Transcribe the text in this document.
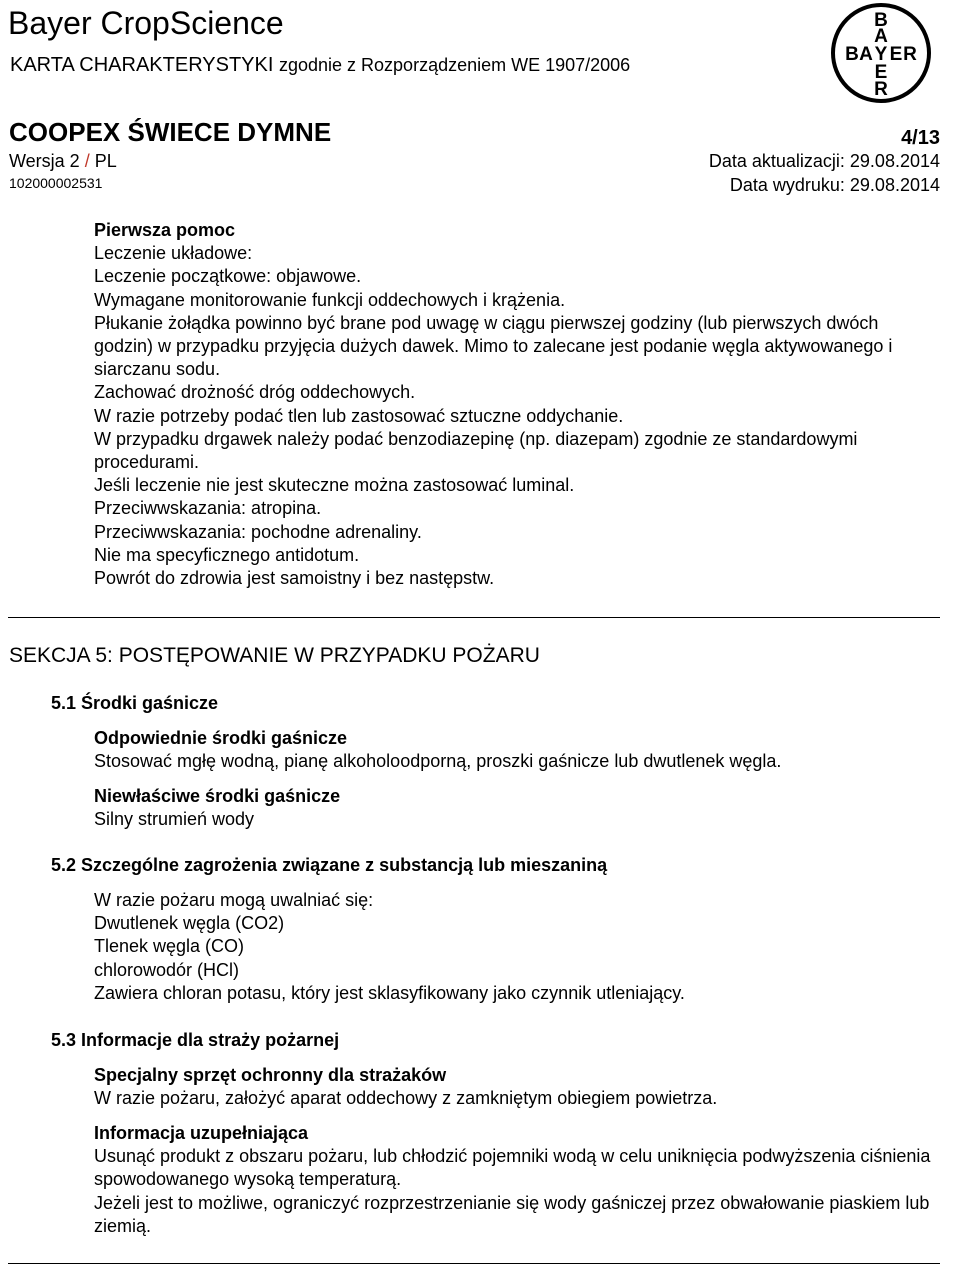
Bayer CropScience
KARTA CHARAKTERYSTYKI zgodnie z Rozporządzeniem WE 1907/2006
B
A
B A Y E R
E
R
COOPEX ŚWIECE DYMNE	4/13
Wersja 2 / PL
102000002531
Data aktualizacji: 29.08.2014
Data wydruku: 29.08.2014

Pierwsza pomoc

Leczenie układowe:

Leczenie początkowe: objawowe.

Wymagane monitorowanie funkcji oddechowych i krążenia.

Płukanie żołądka powinno być brane pod uwagę w ciągu pierwszej godziny (lub pierwszych dwóch godzin) w przypadku przyjęcia dużych dawek. Mimo to zalecane jest podanie węgla aktywowanego i siarczanu sodu.

Zachować drożność dróg oddechowych.

W razie potrzeby podać tlen lub zastosować sztuczne oddychanie.

W przypadku drgawek należy podać benzodiazepinę (np. diazepam) zgodnie ze standardowymi procedurami.

Jeśli leczenie nie jest skuteczne można zastosować luminal.

Przeciwwskazania: atropina.

Przeciwwskazania: pochodne adrenaliny.

Nie ma specyficznego antidotum.

Powrót do zdrowia jest samoistny i bez następstw.

SEKCJA 5: POSTĘPOWANIE W PRZYPADKU POŻARU
5.1 Środki gaśnicze

Odpowiednie środki gaśnicze

Stosować mgłę wodną, pianę alkoholoodporną, proszki gaśnicze lub dwutlenek węgla.

Niewłaściwe środki gaśnicze

Silny strumień wody

5.2 Szczególne zagrożenia związane z substancją lub mieszaniną

W razie pożaru mogą uwalniać się:

Dwutlenek węgla (CO2)

Tlenek węgla (CO)

chlorowodór (HCl)

Zawiera chloran potasu, który jest sklasyfikowany jako czynnik utleniający.

5.3 Informacje dla straży pożarnej

Specjalny sprzęt ochronny dla strażaków

W razie pożaru, założyć aparat oddechowy z zamkniętym obiegiem powietrza.

Informacja uzupełniająca

Usunąć produkt z obszaru pożaru, lub chłodzić pojemniki wodą w celu uniknięcia podwyższenia ciśnienia spowodowanego wysoką temperaturą.

Jeżeli jest to możliwe, ograniczyć rozprzestrzenianie się wody gaśniczej przez obwałowanie piaskiem lub ziemią.
